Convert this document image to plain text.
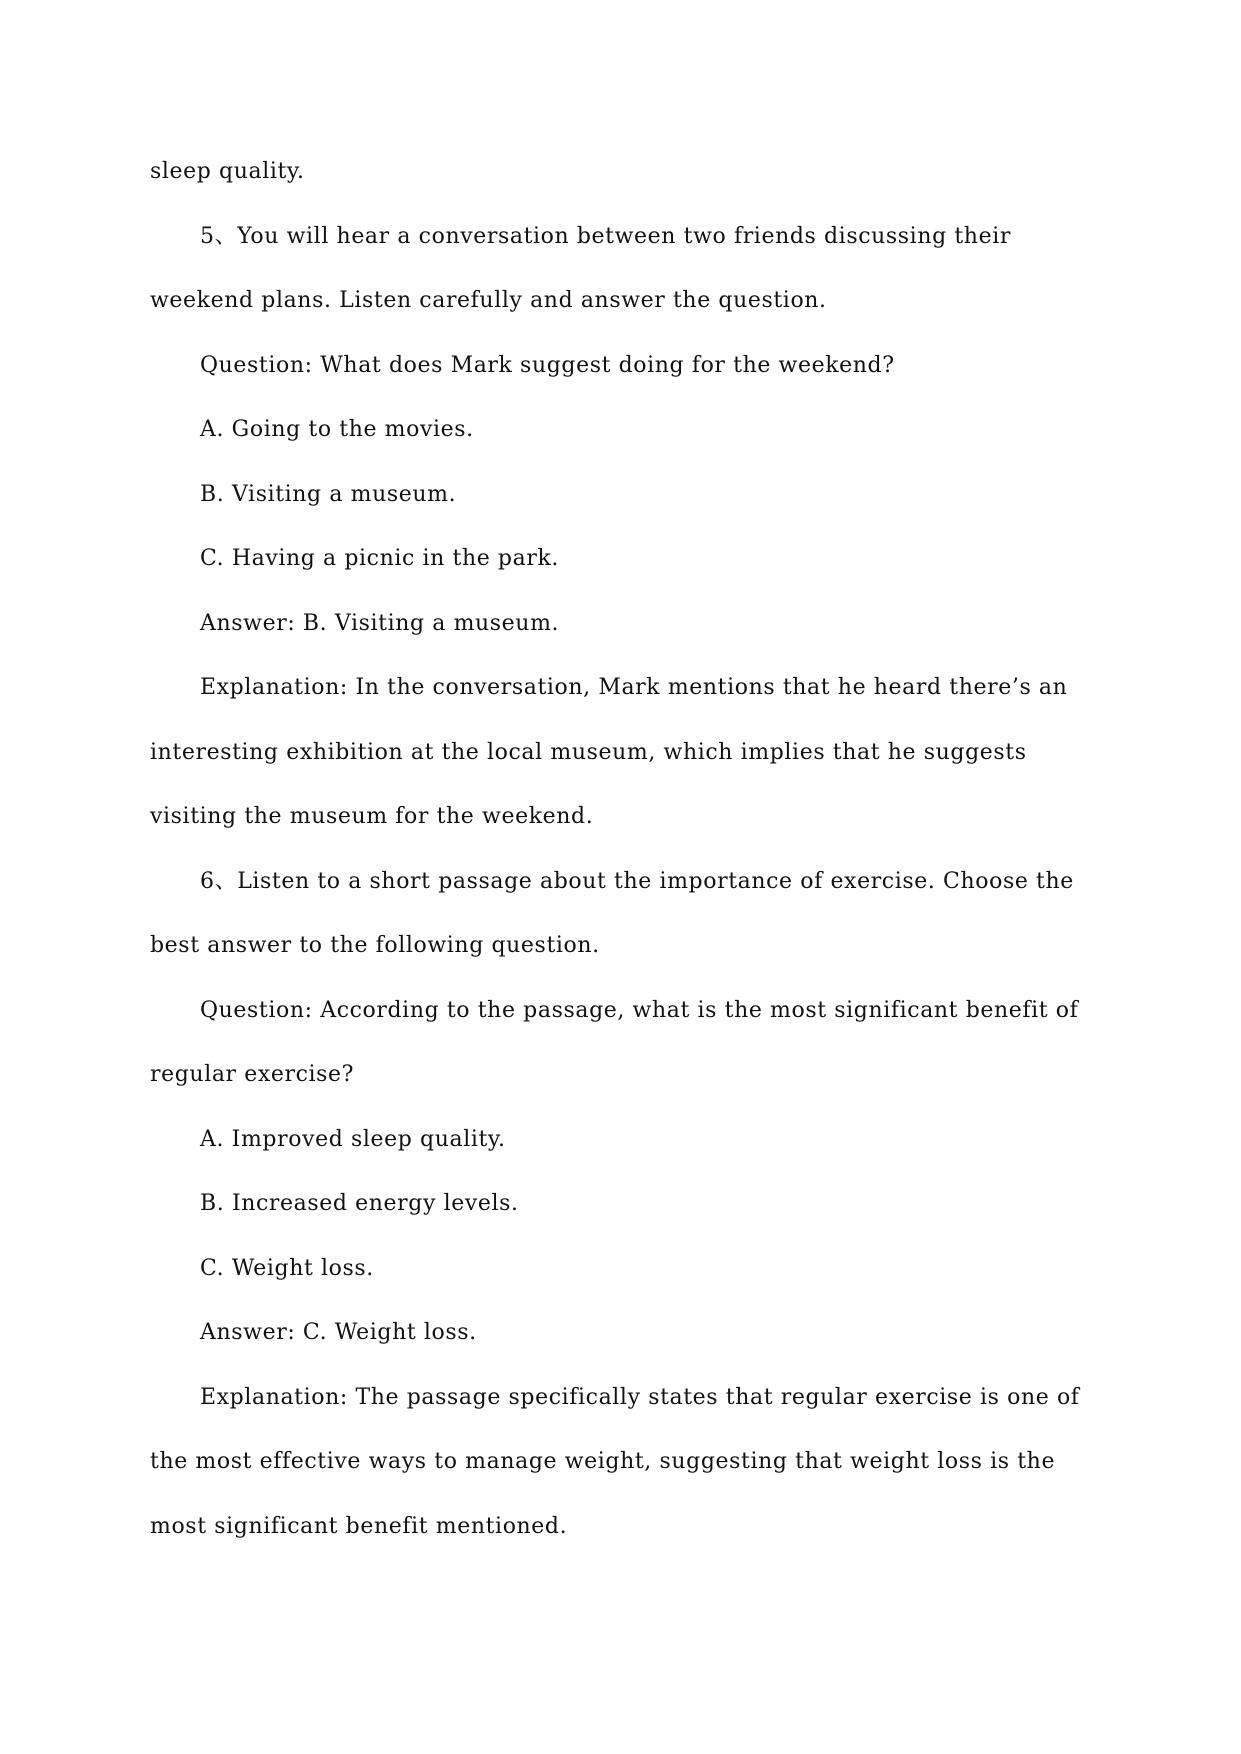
sleep quality.

5、You will hear a conversation between two friends discussing their weekend plans. Listen carefully and answer the question.

Question: What does Mark suggest doing for the weekend?

A. Going to the movies.

B. Visiting a museum.

C. Having a picnic in the park.

Answer: B. Visiting a museum.

Explanation: In the conversation, Mark mentions that he heard there’s an interesting exhibition at the local museum, which implies that he suggests visiting the museum for the weekend.

6、Listen to a short passage about the importance of exercise. Choose the best answer to the following question.

Question: According to the passage, what is the most significant benefit of regular exercise?

A. Improved sleep quality.

B. Increased energy levels.

C. Weight loss.

Answer: C. Weight loss.

Explanation: The passage specifically states that regular exercise is one of the most effective ways to manage weight, suggesting that weight loss is the most significant benefit mentioned.
